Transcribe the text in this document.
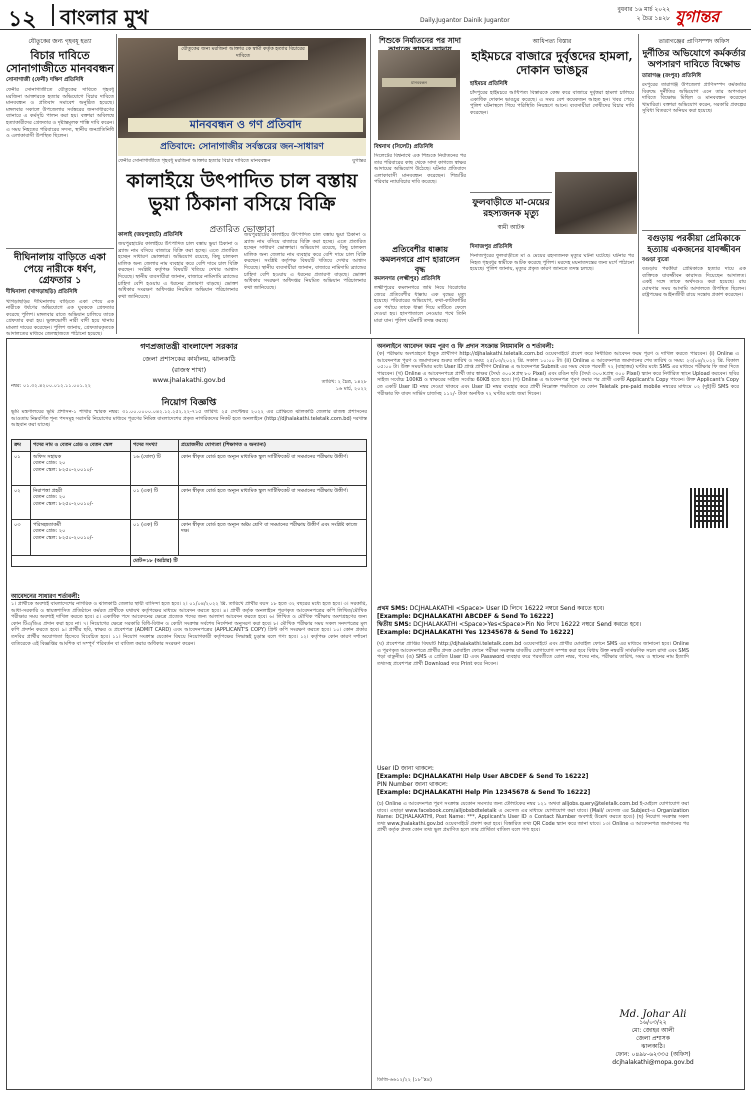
১২ বাংলার মুখ	Daily.Jugantor Dainik Jugantor
বুধবার ১৬ মার্চ ২০২২
২ চৈত্র ১৪২৮ যুগান্তর
যৌতুকের জন্য গৃহবধূ হত্যা
বিচার দাবিতে সোনাগাজীতে মানববন্ধন
সোনাগাজী (ফেনী) দক্ষিণ প্রতিনিধি
ফেনীর সোনাগাজীতে যৌতুকের দাবিতে গৃহবধূ মরজিনা আক্তারকে হত্যার অভিযোগে বিচার দাবিতে মানববন্ধন ও প্রতিবাদ সমাবেশ অনুষ্ঠিত হয়েছে। মঙ্গলবার সকালে উপজেলার সর্বস্তরের জনসাধারণের ব্যানারে এ কর্মসূচি পালন করা হয়। বক্তারা অবিলম্বে হত্যাকারীদের গ্রেফতার ও দৃষ্টান্তমূলক শাস্তি দাবি করেন। এ সময় নিহতের পরিবারের সদস্য, স্থানীয় জনপ্রতিনিধি ও এলাকাবাসী উপস্থিত ছিলেন।
দীঘিনালায় বাড়িতে একা পেয়ে নারীকে ধর্ষণ, গ্রেফতার ১
দীঘিনালা (খাগড়াছড়ি) প্রতিনিধি
খাগড়াছড়ির দীঘিনালায় বাড়িতে একা পেয়ে এক নারীকে ধর্ষণের অভিযোগে এক যুবককে গ্রেফতার করেছে পুলিশ। মঙ্গলবার রাতে অভিযান চালিয়ে তাকে গ্রেফতার করা হয়। ভুক্তভোগী নারী বাদী হয়ে থানায় মামলা দায়ের করেছেন। পুলিশ জানায়, গ্রেফতারকৃতকে আদালতের মাধ্যমে জেলহাজতে পাঠানো হয়েছে।
যৌতুকের জন্য মরজিনা আক্তার কে স্বামী কর্তৃক হত্যার বিচারের দাবিতে
মানববন্ধন ও গণ প্রতিবাদ
প্রতিবাদে: সোনাগাজীর সর্বস্তরের জন-সাধারণ
ফেনীর সোনাগাজীতে গৃহবধূ মরজিনা আক্তার হত্যার বিচার দাবিতে মানববন্ধন	যুগান্তর
কালাইয়ে উৎপাদিত চাল বস্তায় ভুয়া ঠিকানা বসিয়ে বিক্রি
প্রতারিত ভোক্তারা
কালাই (জয়পুরহাট) প্রতিনিধি
জয়পুরহাটের কালাইয়ে উৎপাদিত চাল বস্তায় ভুয়া ঠিকানা ও ব্র্যান্ড নাম বসিয়ে বাজারে বিক্রি করা হচ্ছে। এতে প্রতারিত হচ্ছেন সাধারণ ভোক্তারা। অভিযোগ রয়েছে, কিছু চালকল মালিক অন্য জেলার নাম ব্যবহার করে বেশি দামে চাল বিক্রি করছেন। সংশ্লিষ্ট কর্তৃপক্ষ বিষয়টি খতিয়ে দেখার আশ্বাস দিয়েছে। স্থানীয় ব্যবসায়ীরা জানান, বাজারে নামিদামি ব্র্যান্ডের চাহিদা বেশি হওয়ায় এ ধরনের প্রতারণা বাড়ছে। ভোক্তা অধিকার সংরক্ষণ অধিদপ্তর নিয়মিত অভিযান পরিচালনার কথা জানিয়েছে।
জয়পুরহাটের কালাইয়ে উৎপাদিত চাল বস্তায় ভুয়া ঠিকানা ও ব্র্যান্ড নাম বসিয়ে বাজারে বিক্রি করা হচ্ছে। এতে প্রতারিত হচ্ছেন সাধারণ ভোক্তারা। অভিযোগ রয়েছে, কিছু চালকল মালিক অন্য জেলার নাম ব্যবহার করে বেশি দামে চাল বিক্রি করছেন। সংশ্লিষ্ট কর্তৃপক্ষ বিষয়টি খতিয়ে দেখার আশ্বাস দিয়েছে। স্থানীয় ব্যবসায়ীরা জানান, বাজারে নামিদামি ব্র্যান্ডের চাহিদা বেশি হওয়ায় এ ধরনের প্রতারণা বাড়ছে। ভোক্তা অধিকার সংরক্ষণ অধিদপ্তর নিয়মিত অভিযান পরিচালনার কথা জানিয়েছে।
শিশুকে নির্যাতনের পর সাদা
মানববন্ধন
বিশ্বনাথ (সিলেট) প্রতিনিধি
সিলেটের বিশ্বনাথে এক শিশুকে নির্যাতনের পর তার পরিবারের কাছ থেকে সাদা কাগজে স্বাক্ষর আদায়ের অভিযোগ উঠেছে। ঘটনার প্রতিবাদে এলাকাবাসী মানববন্ধন করেছেন। শিশুটির পরিবার ন্যায়বিচার দাবি করেছে।
আধিপত্য বিস্তার
হাইমচরে বাজারে দুর্বৃত্তদের হামলা, দোকান ভাঙচুর
হাইমচর প্রতিনিধি
চাঁদপুরের হাইমচরে আধিপত্য বিস্তারকে কেন্দ্র করে বাজারে দুর্বৃত্তরা হামলা চালিয়ে একাধিক দোকান ভাঙচুর করেছে। এ সময় বেশ কয়েকজন আহত হন। খবর পেয়ে পুলিশ ঘটনাস্থলে গিয়ে পরিস্থিতি নিয়ন্ত্রণে আনে। ব্যবসায়ীরা দোষীদের বিচার দাবি করেছেন।
ফুলবাড়ীতে মা-মেয়ের রহস্যজনক মৃত্যু
স্বামী আটক
দিনাজপুর প্রতিনিধি
দিনাজপুরের ফুলবাড়ীতে মা ও মেয়ের রহস্যজনক মৃত্যুর ঘটনা ঘটেছে। ঘটনার পর নিহত গৃহবধূর স্বামীকে আটক করেছে পুলিশ। মরদেহ ময়নাতদন্তের জন্য মর্গে পাঠানো হয়েছে। পুলিশ জানায়, মৃত্যুর প্রকৃত কারণ জানতে তদন্ত চলছে।
প্রতিবেশীর ধাক্কায় কমলনগরে প্রাণ হারালেন বৃদ্ধ
কমলনগর (লক্ষ্মীপুর) প্রতিনিধি
লক্ষ্মীপুরের কমলনগরে জমি নিয়ে বিরোধের জেরে প্রতিবেশীর ধাক্কায় এক বৃদ্ধের মৃত্যু হয়েছে। পরিবারের অভিযোগ, কথা-কাটাকাটির এক পর্যায়ে তাকে ধাক্কা দিয়ে মাটিতে ফেলে দেওয়া হয়। হাসপাতালে নেওয়ার পথে তিনি মারা যান। পুলিশ ঘটনাটি তদন্ত করছে।
তারাগঞ্জের প্রাণিসম্পদ অফিস
দুর্নীতির অভিযোগে কর্মকর্তার অপসারণ দাবিতে বিক্ষোভ
তারাগঞ্জ (রংপুর) প্রতিনিধি
রংপুরের তারাগঞ্জ উপজেলা প্রাণিসম্পদ কর্মকর্তার বিরুদ্ধে দুর্নীতির অভিযোগ এনে তার অপসারণ দাবিতে বিক্ষোভ মিছিল ও মানববন্ধন করেছেন খামারিরা। বক্তারা অভিযোগ করেন, সরকারি প্রকল্পের সুবিধা বিতরণে অনিয়ম করা হয়েছে।
বগুড়ায় পরকীয়া প্রেমিকাকে হত্যায় একজনের যাবজ্জীবন
বগুড়া ব্যুরো
বগুড়ায় পরকীয়া প্রেমিকাকে হত্যার দায়ে এক ব্যক্তিকে যাবজ্জীবন কারাদণ্ড দিয়েছেন আদালত। একই সঙ্গে তাকে অর্থদণ্ডও করা হয়েছে। রায় ঘোষণার সময় আসামি আদালতে উপস্থিত ছিলেন। রাষ্ট্রপক্ষের আইনজীবী রায়ে সন্তোষ প্রকাশ করেছেন।
গণপ্রজাতন্ত্রী বাংলাদেশ সরকার
জেলা প্রশাসকের কার্যালয়, ঝালকাঠি
(রাজস্ব শাখা)
www.jhalakathi.gov.bd
নম্বর: ০১.৩২.৪২০০.০১২.১১.০০১.২২
তারিখ: ২ চৈত্র, ১৪২৮
১৬ মার্চ, ২০২২
নিয়োগ বিজ্ঞপ্তি
ভূমি মন্ত্রণালয়ের ভূমি প্রশাসন-১ শাখার স্মারক নম্বর: ৩১.০০.০০০০.০৪২.১২.২৫২.২২-৭১৫ তারিখ: ২৫ সেপ্টেম্বর ২০২২ এর প্রেক্ষিতে ঝালকাঠি জেলার রাজস্ব প্রশাসনের আওতায় নিম্নবর্ণিত শূন্য পদসমূহ সরাসরি নিয়োগের মাধ্যমে পূরণের নিমিত্ত বাংলাদেশের প্রকৃত নাগরিকদের নিকট হতে অনলাইনে (http://djhalakathi.teletalk.com.bd) দরখাস্ত আহবান করা যাচ্ছে।
ক্রম	পদের নাম ও বেতন গ্রেড ও বেতন স্কেল	পদের সংখ্যা	প্রয়োজনীয় যোগ্যতা (শিক্ষাগত ও অন্যান্য)
০১	অফিস সহায়ক
বেতন গ্রেড: ২০
বেতন স্কেল: ৮২৫০-২০০১০/-
১৬ (ষোল) টি	কোন স্বীকৃত বোর্ড হতে অন্যূন মাধ্যমিক স্কুল সার্টিফিকেট বা সমমানের পরীক্ষায় উত্তীর্ণ।
০২	নিরাপত্তা প্রহরী
বেতন গ্রেড: ২০
বেতন স্কেল: ৮২৫০-২০০১০/-
০১ (এক) টি	কোন স্বীকৃত বোর্ড হতে অন্যূন মাধ্যমিক স্কুল সার্টিফিকেট বা সমমানের পরীক্ষায় উত্তীর্ণ।
০৩	পরিচ্ছন্নতাকর্মী
বেতন গ্রেড: ২০
বেতন স্কেল: ৮২৫০-২০০১০/-
০১ (এক) টি	কোন স্বীকৃত বোর্ড হতে অন্যূন অষ্টম শ্রেণি বা সমমানের পরীক্ষায় উত্তীর্ণ এবং সংশ্লিষ্ট কাজে দক্ষ।
মোট=১৮ (আঠার) টি
আবেদনের সাধারণ শর্তাবলী:
১। প্রার্থীকে অবশ্যই বাংলাদেশের নাগরিক ও ঝালকাঠি জেলার স্থায়ী বাসিন্দা হতে হবে। ২। ০১/০৪/২০২২ খ্রি. তারিখে প্রার্থীর বয়স ১৮ হতে ৩২ বছরের মধ্যে হতে হবে। ৩। সরকারি, আধা-সরকারি ও স্বায়ত্তশাসিত প্রতিষ্ঠানে কর্মরত প্রার্থীকে যথাযথ কর্তৃপক্ষের মাধ্যমে আবেদন করতে হবে। ৪। প্রার্থী কর্তৃক অনলাইনে পূরণকৃত আবেদনপত্রের কপি লিখিত/মৌখিক পরীক্ষার সময় অবশ্যই দাখিল করতে হবে। ৫। একাধিক পদে আবেদনের ক্ষেত্রে প্রত্যেক পদের জন্য আলাদা আবেদন করতে হবে। ৬। লিখিত ও মৌখিক পরীক্ষায় অংশগ্রহণের জন্য কোন টিএ/ডিএ প্রদান করা হবে না। ৭। নিয়োগের ক্ষেত্রে সরকারি বিধি-বিধান ও কোটা সংক্রান্ত সর্বশেষ নির্দেশনা অনুসরণ করা হবে। ৮। মৌখিক পরীক্ষার সময় সকল সনদপত্রের মূল কপি প্রদর্শন করতে হবে। ৯। প্রার্থীর ছবি, স্বাক্ষর ও প্রবেশপত্র (ADMIT CARD) এবং আবেদনপত্রের (APPLICANT'S COPY) প্রিন্ট কপি সংরক্ষণ করতে হবে। ১০। কোন প্রকার তদবির প্রার্থীর অযোগ্যতা হিসেবে বিবেচিত হবে। ১১। নিয়োগ সংক্রান্ত যেকোন বিষয়ে নিয়োগকারী কর্তৃপক্ষের সিদ্ধান্তই চূড়ান্ত বলে গণ্য হবে। ১২। কর্তৃপক্ষ কোন কারণ দর্শানো ব্যতিরেকে এই বিজ্ঞপ্তির আংশিক বা সম্পূর্ণ পরিবর্তন বা বাতিল করার অধিকার সংরক্ষণ করেন।
অনলাইনে আবেদন ফরম পূরণ ও ফি প্রদান সংক্রান্ত নিয়মাবলি ও শর্তাবলী:
(ক) পরীক্ষায় অংশগ্রহণে ইচ্ছুক প্রার্থীগণ http://djhalakathi.teletalk.com.bd ওয়েবসাইটে প্রবেশ করে নির্ধারিত আবেদন ফরম পূরণ ও দাখিল করতে পারবেন। (i) Online এ আবেদনপত্র পূরণ ও জমাদানের শুরুর তারিখ ও সময়: ২৫/০৩/২০২২ খ্রি. সকাল ১০:০০ টা। (ii) Online এ আবেদনপত্র জমাদানের শেষ তারিখ ও সময়: ২৩/০৪/২০২২ খ্রি. বিকাল ০৫:০০ টা। উক্ত সময়সীমার মধ্যে User ID প্রাপ্ত প্রার্থীগণ Online এ আবেদনপত্র Submit এর সময় থেকে পরবর্তী ৭২ (বাহাত্তর) ঘণ্টার মধ্যে SMS এর মাধ্যমে পরীক্ষার ফি জমা দিতে পারবেন। (খ) Online এ আবেদনপত্রে প্রার্থী তার স্বাক্ষর (দৈর্ঘ্য ৩০০×প্রস্থ ৮০ Pixel) এবং রঙিন ছবি (দৈর্ঘ্য ৩০০×প্রস্থ ৩০০ Pixel) স্ক্যান করে নির্ধারিত স্থানে Upload করবেন। ছবির সাইজ সর্বোচ্চ 100KB ও স্বাক্ষরের সাইজ সর্বোচ্চ 60KB হতে হবে। (গ) Online এ আবেদনপত্র পূরণ করার পর প্রার্থী একটি Applicant's Copy পাবেন। উক্ত Applicant's Copy তে একটি User ID নম্বর দেওয়া থাকবে এবং User ID নম্বর ব্যবহার করে প্রার্থী নিম্নোক্ত পদ্ধতিতে যে কোন Teletalk pre-paid mobile নম্বরের মাধ্যমে ০২ (দুই)টি SMS করে পরীক্ষার ফি বাবদ সার্ভিস চার্জসহ ১১২/- টাকা অনধিক ৭২ ঘণ্টার মধ্যে জমা দিবেন।
প্রথম SMS: DCJHALAKATHI <Space> User ID লিখে 16222 নম্বরে Send করতে হবে।
[Example: DCJHALAKATHI ABCDEF & Send To 16222]
দ্বিতীয় SMS: DCJHALAKATHI <Space>Yes<Space>Pin No লিখে 16222 নম্বরে Send করতে হবে।
[Example: DCJHALAKATHI Yes 12345678 & Send To 16222]
(ঘ) প্রবেশপত্র প্রাপ্তির বিষয়টি http://djhalakathi.teletalk.com.bd ওয়েবসাইটে এবং প্রার্থীর মোবাইল ফোনে SMS এর মাধ্যমে জানানো হবে। Online এ পূরণকৃত আবেদনপত্রে প্রার্থীর প্রদত্ত মোবাইল ফোনে পরীক্ষা সংক্রান্ত যাবতীয় যোগাযোগ সম্পন্ন করা হবে বিধায় উক্ত নম্বরটি সার্বক্ষণিক সচল রাখা এবং SMS পড়া বাঞ্ছনীয়। (ঙ) SMS এ প্রেরিত User ID এবং Password ব্যবহার করে পরবর্তীতে রোল নম্বর, পদের নাম, পরীক্ষার তারিখ, সময় ও স্থানের নাম ইত্যাদি তথ্যসহ প্রবেশপত্র প্রার্থী Download করে Print করে নিবেন।
User ID জানা থাকলে:
[Example: DCJHALAKATHI Help User ABCDEF & Send To 16222]
PIN Number জানা থাকলে:
[Example: DCJHALAKATHI Help Pin 12345678 & Send To 16222]
(চ) Online এ আবেদনপত্র পূরণ সংক্রান্ত যেকোন সমস্যার জন্য টেলিটকের নম্বর ১২১ অথবা alljobs.query@teletalk.com.bd ই-মেইলে যোগাযোগ করা যাবে। এছাড়া www.facebook.com/alljobsbdteletalk এ মেসেজ এর মাধ্যমে যোগাযোগ করা যাবে। (Mail/ মেসেজ এর Subject-এ Organization Name: DCJHALAKATHI, Post Name: ***, Applicant's User ID ও Contact Number অবশ্যই উল্লেখ করতে হবে।) (ছ) নিয়োগ সংক্রান্ত সকল তথ্য www.jhalakathi.gov.bd ওয়েবসাইটে প্রকাশ করা হবে। বিস্তারিত তথ্য QR Code স্ক্যান করে জানা যাবে। ১৩। Online এ আবেদনপত্র জমাদানের পর প্রার্থী কর্তৃক প্রদত্ত কোন তথ্য ভুল প্রমাণিত হলে তার প্রার্থিতা বাতিল বলে গণ্য হবে।
Md. Johar Ali
১৬/০৩/২২
মো: জোহর আলী
জেলা প্রশাসক
ঝালকাঠি।
ফোন: ০৪৯৮-৬২৩৩৫ (অফিস)
dcjhalakathi@mopa.gov.bd
ডিজি-৬৬১২/২২ (১৮''x৪)
